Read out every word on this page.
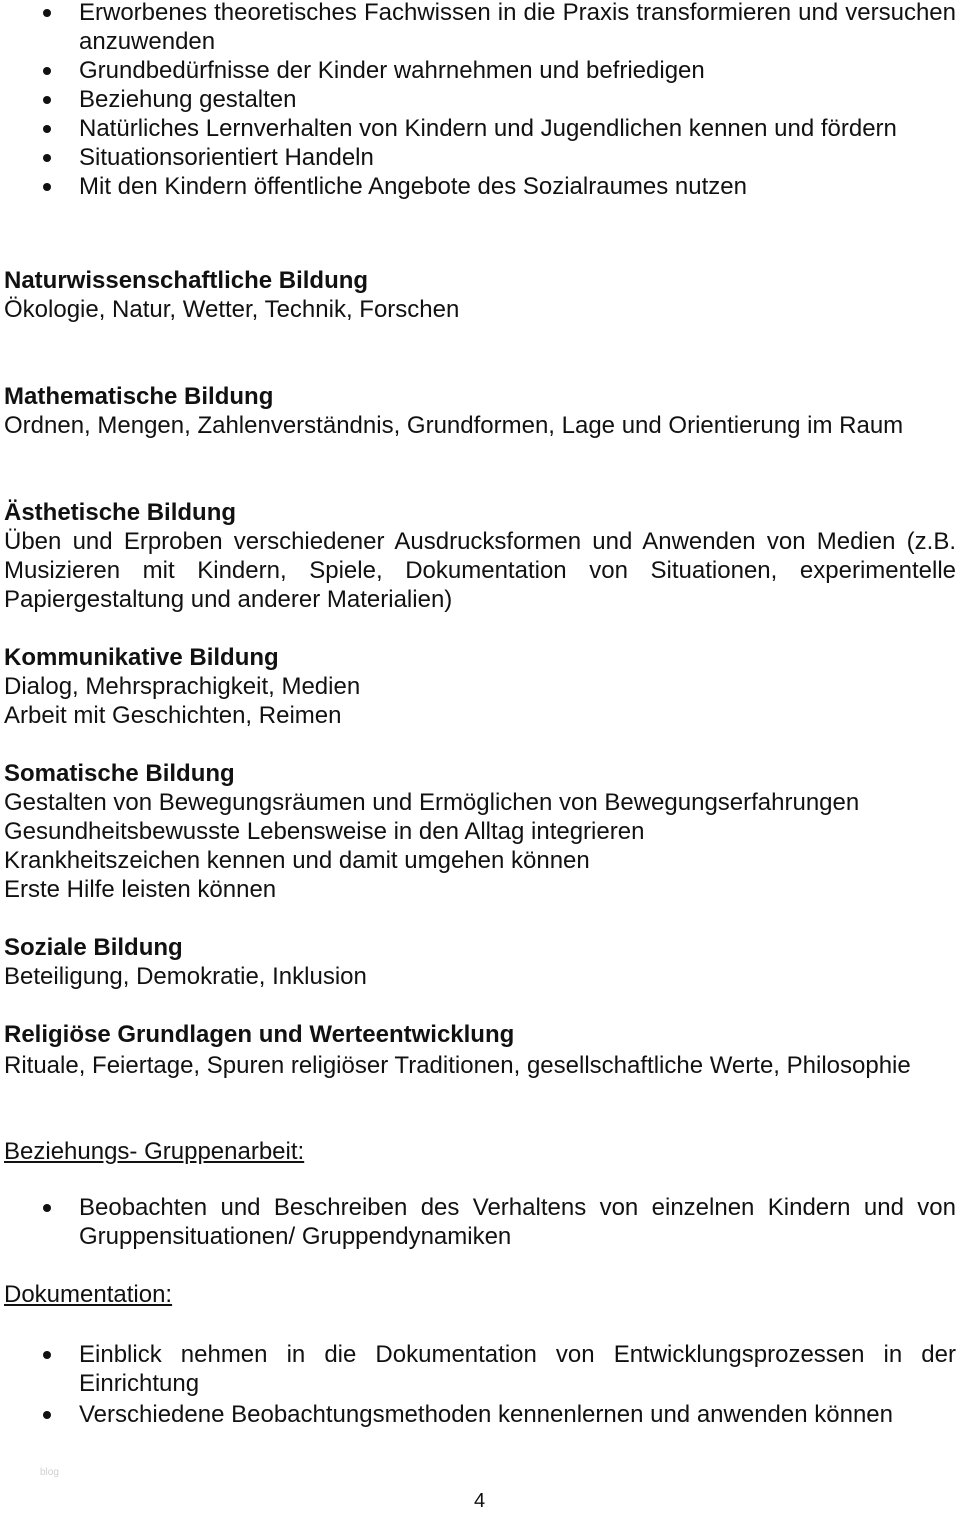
Erworbenes theoretisches Fachwissen in die Praxis transformieren und versuchen anzuwenden
Grundbedürfnisse der Kinder wahrnehmen und befriedigen
Beziehung gestalten
Natürliches Lernverhalten von Kindern und Jugendlichen kennen und fördern
Situationsorientiert Handeln
Mit den Kindern öffentliche Angebote des Sozialraumes nutzen
Naturwissenschaftliche Bildung
Ökologie, Natur, Wetter, Technik, Forschen
Mathematische Bildung
Ordnen, Mengen, Zahlenverständnis, Grundformen, Lage und Orientierung im Raum
Ästhetische Bildung
Üben und Erproben verschiedener Ausdrucksformen und Anwenden von Medien (z.B. Musizieren mit Kindern, Spiele, Dokumentation von Situationen, experimentelle Papiergestaltung und anderer Materialien)
Kommunikative Bildung
Dialog, Mehrsprachigkeit, Medien
Arbeit mit Geschichten, Reimen
Somatische Bildung
Gestalten von Bewegungsräumen und Ermöglichen von Bewegungserfahrungen
Gesundheitsbewusste Lebensweise in den Alltag integrieren
Krankheitszeichen kennen und damit umgehen können
Erste Hilfe leisten können
Soziale Bildung
Beteiligung, Demokratie, Inklusion
Religiöse Grundlagen und Werteentwicklung
Rituale, Feiertage, Spuren religiöser Traditionen, gesellschaftliche Werte, Philosophie
Beziehungs- Gruppenarbeit:
Beobachten und Beschreiben des Verhaltens von einzelnen Kindern und von Gruppensituationen/ Gruppendynamiken
Dokumentation:
Einblick nehmen in die Dokumentation von Entwicklungsprozessen in der Einrichtung
Verschiedene Beobachtungsmethoden kennenlernen und anwenden können
blog
4
